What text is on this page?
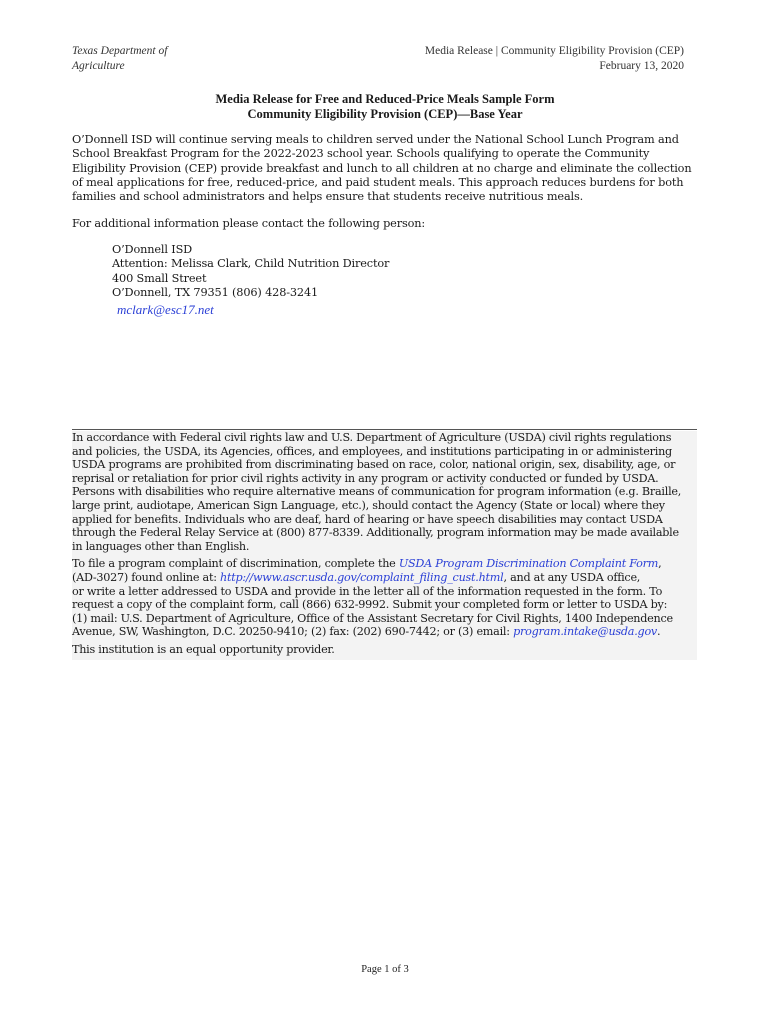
Texas Department of
Agriculture
Media Release | Community Eligibility Provision (CEP)
February 13, 2020
Media Release for Free and Reduced-Price Meals Sample Form
Community Eligibility Provision (CEP)—Base Year
O’Donnell ISD will continue serving meals to children served under the National School Lunch Program and
School Breakfast Program for the 2022-2023 school year. Schools qualifying to operate the Community
Eligibility Provision (CEP) provide breakfast and lunch to all children at no charge and eliminate the collection
of meal applications for free, reduced-price, and paid student meals. This approach reduces burdens for both
families and school administrators and helps ensure that students receive nutritious meals.
For additional information please contact the following person:
O’Donnell ISD
Attention: Melissa Clark, Child Nutrition Director
400 Small Street
O’Donnell, TX 79351 (806) 428-3241
mclark@esc17.net

In accordance with Federal civil rights law and U.S. Department of Agriculture (USDA) civil rights regulations
and policies, the USDA, its Agencies, offices, and employees, and institutions participating in or administering
USDA programs are prohibited from discriminating based on race, color, national origin, sex, disability, age, or
reprisal or retaliation for prior civil rights activity in any program or activity conducted or funded by USDA.
Persons with disabilities who require alternative means of communication for program information (e.g. Braille,
large print, audiotape, American Sign Language, etc.), should contact the Agency (State or local) where they
applied for benefits. Individuals who are deaf, hard of hearing or have speech disabilities may contact USDA
through the Federal Relay Service at (800) 877-8339. Additionally, program information may be made available
in languages other than English.

To file a program complaint of discrimination, complete the USDA Program Discrimination Complaint Form,
(AD-3027) found online at: http://www.ascr.usda.gov/complaint_filing_cust.html, and at any USDA office,
or write a letter addressed to USDA and provide in the letter all of the information requested in the form. To
request a copy of the complaint form, call (866) 632-9992. Submit your completed form or letter to USDA by:
(1) mail: U.S. Department of Agriculture, Office of the Assistant Secretary for Civil Rights, 1400 Independence
Avenue, SW, Washington, D.C. 20250-9410; (2) fax: (202) 690-7442; or (3) email: program.intake@usda.gov.

This institution is an equal opportunity provider.

Page 1 of 3
